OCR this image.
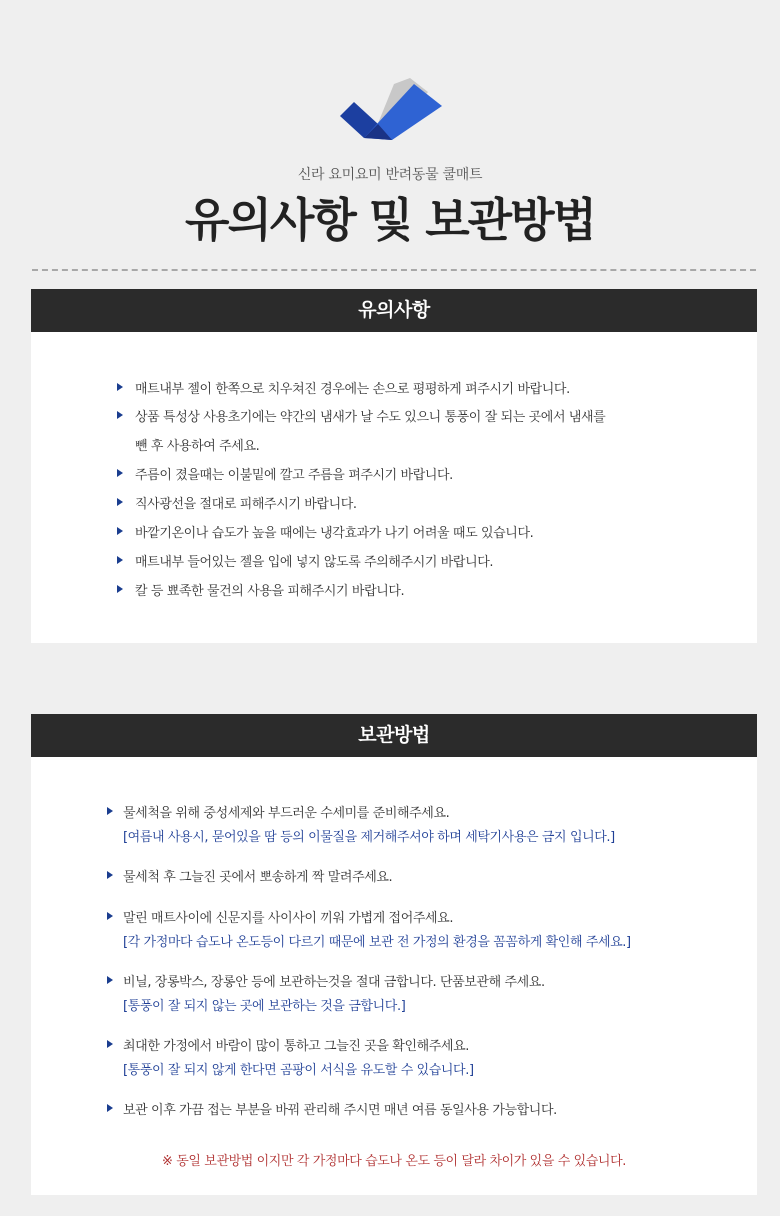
신라 요미요미 반려동물 쿨매트
유의사항 및 보관방법
유의사항
매트내부 젤이 한쪽으로 치우쳐진 경우에는 손으로 평평하게 펴주시기 바랍니다.
상품 특성상 사용초기에는 약간의 냄새가 날 수도 있으니 통풍이 잘 되는 곳에서 냄새를
뺀 후 사용하여 주세요.
주름이 졌을때는 이불밑에 깔고 주름을 펴주시기 바랍니다.
직사광선을 절대로 피해주시기 바랍니다.
바깥기온이나 습도가 높을 때에는 냉각효과가 나기 어려울 때도 있습니다.
매트내부 들어있는 젤을 입에 넣지 않도록 주의해주시기 바랍니다.
칼 등 뾰족한 물건의 사용을 피해주시기 바랍니다.
보관방법
물세척을 위해 중성세제와 부드러운 수세미를 준비해주세요.
[여름내 사용시, 묻어있을 땀 등의 이물질을 제거해주셔야 하며 세탁기사용은 금지 입니다.]
물세척 후 그늘진 곳에서 뽀송하게 짝 말려주세요.
말린 매트사이에 신문지를 사이사이 끼워 가볍게 접어주세요.
[각 가정마다 습도나 온도등이 다르기 때문에 보관 전 가정의 환경을 꼼꼼하게 확인해 주세요.]
비닐, 장롱박스, 장롱안 등에 보관하는것을 절대 금합니다. 단품보관해 주세요.
[통풍이 잘 되지 않는 곳에 보관하는 것을 금합니다.]
최대한 가정에서 바람이 많이 통하고 그늘진 곳을 확인해주세요.
[통풍이 잘 되지 않게 한다면 곰팡이 서식을 유도할 수 있습니다.]
보관 이후 가끔 접는 부분을 바꿔 관리해 주시면 매년 여름 동일사용 가능합니다.
※ 동일 보관방법 이지만 각 가정마다 습도나 온도 등이 달라 차이가 있을 수 있습니다.
